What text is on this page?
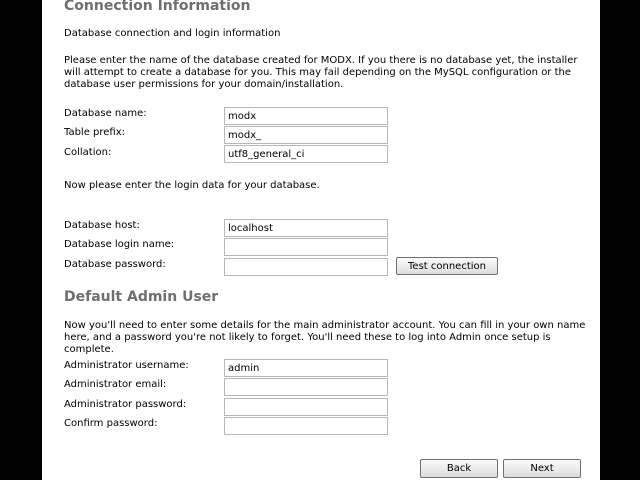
Connection Information
Database connection and login information
Please enter the name of the database created for MODX. If you there is no database yet, the installer will attempt to create a database for you. This may fail depending on the MySQL configuration or the database user permissions for your domain/installation.
Database name:
modx
Table prefix:
modx_
Collation:
utf8_general_ci
Now please enter the login data for your database.
Database host:
localhost
Database login name:
Database password:	Test connection
Default Admin User
Now you'll need to enter some details for the main administrator account. You can fill in your own name here, and a password you're not likely to forget. You'll need these to log into Admin once setup is complete.
Administrator username:
admin
Administrator email:
Administrator password:
Confirm password:
Back	Next
